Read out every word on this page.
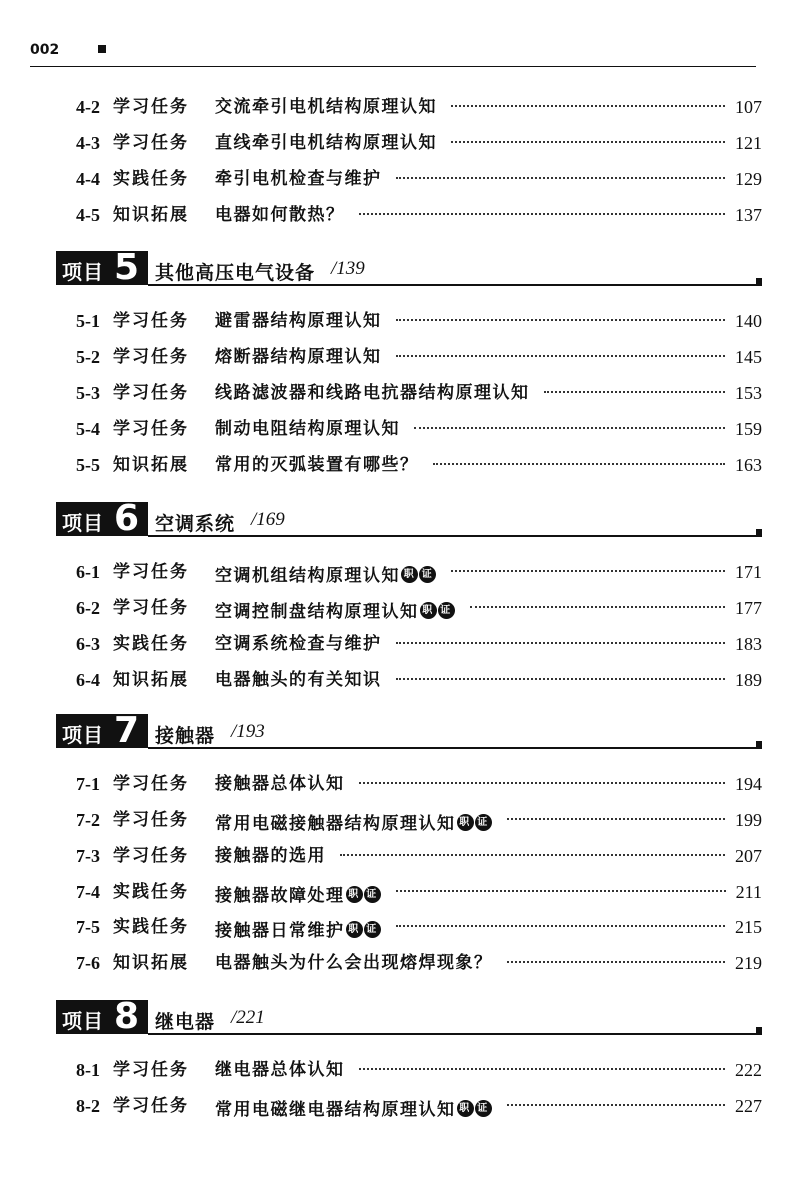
002
4-2 学习任务 交流牵引电机结构原理认知	107
4-3 学习任务 直线牵引电机结构原理认知	121
4-4 实践任务 牵引电机检查与维护	129
4-5 知识拓展 电器如何散热？	137
项目 5 其他高压电气设备 /139
5-1 学习任务 避雷器结构原理认知	140
5-2 学习任务 熔断器结构原理认知	145
5-3 学习任务 线路滤波器和线路电抗器结构原理认知	153
5-4 学习任务 制动电阻结构原理认知	159
5-5 知识拓展 常用的灭弧装置有哪些？	163
项目 6 空调系统 /169
6-1 学习任务 空调机组结构原理认知 职 证	171
6-2 学习任务 空调控制盘结构原理认知 职 证	177
6-3 实践任务 空调系统检查与维护	183
6-4 知识拓展 电器触头的有关知识	189
项目 7 接触器 /193
7-1 学习任务 接触器总体认知	194
7-2 学习任务 常用电磁接触器结构原理认知 职 证	199
7-3 学习任务 接触器的选用	207
7-4 实践任务 接触器故障处理 职 证	211
7-5 实践任务 接触器日常维护 职 证	215
7-6 知识拓展 电器触头为什么会出现熔焊现象？	219
项目 8 继电器 /221
8-1 学习任务 继电器总体认知	222
8-2 学习任务 常用电磁继电器结构原理认知 职 证	227
